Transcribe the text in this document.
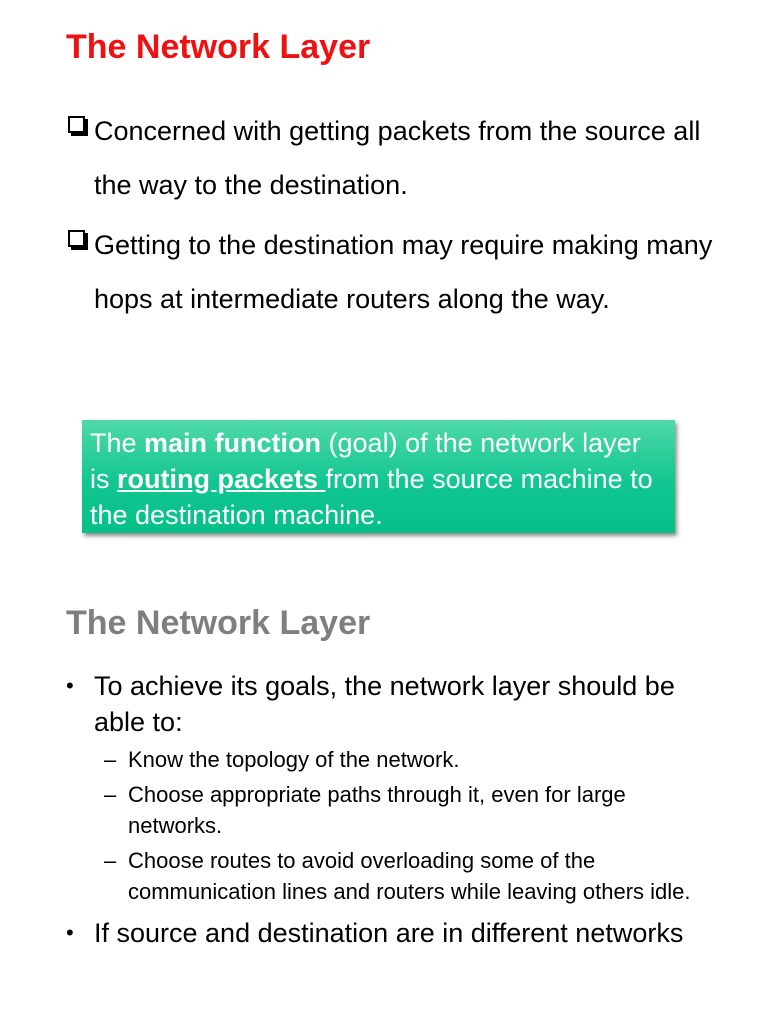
The Network Layer
Concerned with getting packets from the source all the way to the destination.
Getting to the destination may require making many hops at intermediate routers along the way.
The main function (goal) of the network layer is routing packets from the source machine to the destination machine.
The Network Layer
• To achieve its goals, the network layer should be able to:
– Know the topology of the network.
– Choose appropriate paths through it, even for large networks.
– Choose routes to avoid overloading some of the communication lines and routers while leaving others idle.
• If source and destination are in different networks
